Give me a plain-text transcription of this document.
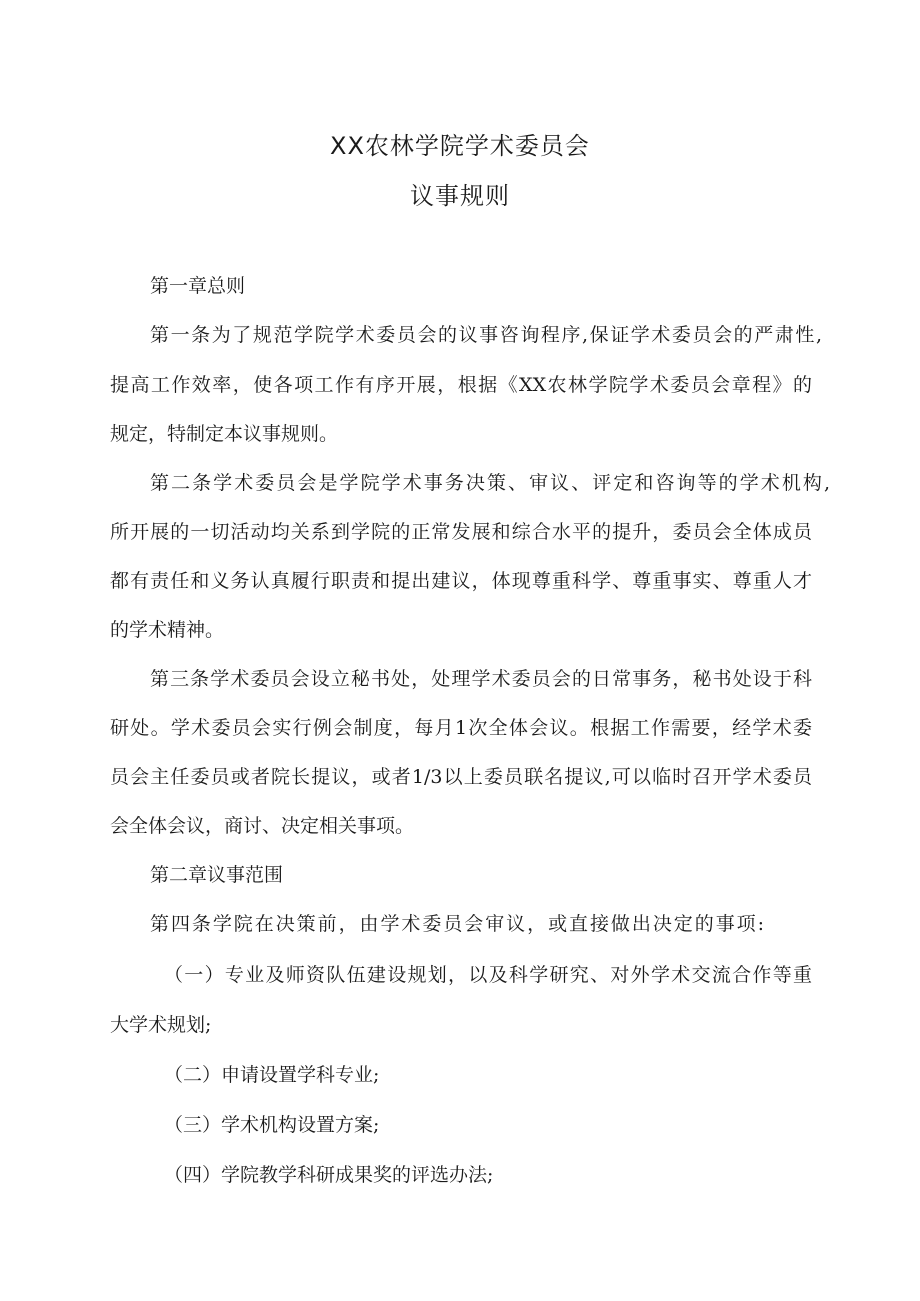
XX农林学院学术委员会
议事规则
第一章总则
第一条为了规范学院学术委员会的议事咨询程序,保证学术委员会的严肃性,
提高工作效率，使各项工作有序开展，根据《XX农林学院学术委员会章程》的
规定，特制定本议事规则。
第二条学术委员会是学院学术事务决策、审议、评定和咨询等的学术机构,
所开展的一切活动均关系到学院的正常发展和综合水平的提升，委员会全体成员
都有责任和义务认真履行职责和提出建议，体现尊重科学、尊重事实、尊重人才
的学术精神。
第三条学术委员会设立秘书处，处理学术委员会的日常事务，秘书处设于科
研处。学术委员会实行例会制度，每月1次全体会议。根据工作需要，经学术委
员会主任委员或者院长提议，或者1/3以上委员联名提议,可以临时召开学术委员
会全体会议，商讨、决定相关事项。
第二章议事范围
第四条学院在决策前，由学术委员会审议，或直接做出决定的事项:
（一）专业及师资队伍建设规划，以及科学研究、对外学术交流合作等重
大学术规划;
（二）申请设置学科专业;
（三）学术机构设置方案;
（四）学院教学科研成果奖的评选办法;
